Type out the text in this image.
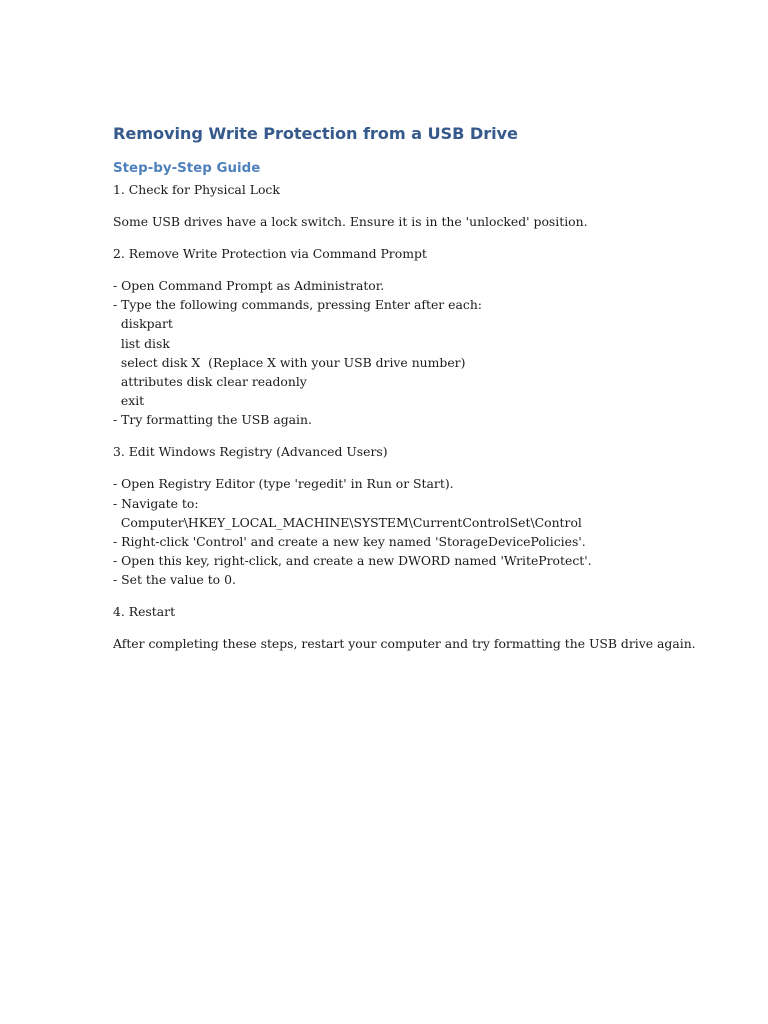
Removing Write Protection from a USB Drive
Step-by-Step Guide

1. Check for Physical Lock

Some USB drives have a lock switch. Ensure it is in the 'unlocked' position.

2. Remove Write Protection via Command Prompt

- Open Command Prompt as Administrator.

- Type the following commands, pressing Enter after each:

diskpart

list disk

select disk X  (Replace X with your USB drive number)

attributes disk clear readonly

exit

- Try formatting the USB again.

3. Edit Windows Registry (Advanced Users)

- Open Registry Editor (type 'regedit' in Run or Start).

- Navigate to:

Computer\HKEY_LOCAL_MACHINE\SYSTEM\CurrentControlSet\Control

- Right-click 'Control' and create a new key named 'StorageDevicePolicies'.

- Open this key, right-click, and create a new DWORD named 'WriteProtect'.

- Set the value to 0.

4. Restart

After completing these steps, restart your computer and try formatting the USB drive again.
